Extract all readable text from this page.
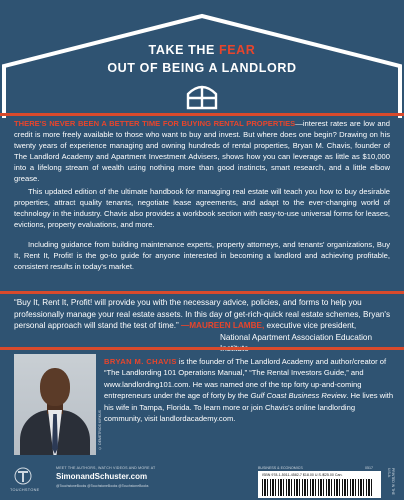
TAKE THE FEAR
OUT OF BEING A LANDLORD

THERE'S NEVER BEEN A BETTER TIME FOR BUYING RENTAL PROPERTIES—interest rates are low and credit is more freely available to those who want to buy and invest. But where does one begin? Drawing on his twenty years of experience managing and owning hundreds of rental properties, Bryan M. Chavis, founder of The Landlord Academy and Apartment Investment Advisers, shows how you can leverage as little as $10,000 into a lifelong stream of wealth using nothing more than good instincts, smart research, and a little elbow grease.

This updated edition of the ultimate handbook for managing real estate will teach you how to buy desirable properties, attract quality tenants, negotiate lease agreements, and adapt to the ever-changing world of technology in the industry. Chavis also provides a workbook section with easy-to-use universal forms for leases, evictions, property evaluations, and more.

Including guidance from building maintenance experts, property attorneys, and tenants' organizations, Buy It, Rent It, Profit! is the go-to guide for anyone interested in becoming a landlord and achieving profitable, consistent results in today's market.

“Buy It, Rent It, Profit! will provide you with the necessary advice, policies, and forms to help you professionally manage your real estate assets. In this day of get-rich-quick real estate schemes, Bryan's personal approach will stand the test of time.” —MAUREEN LAMBE, executive vice president,
National Apartment Association Education

© DEMETRIOS KIRKUS

BRYAN M. CHAVIS is the founder of The Landlord Academy and author/creator of “The Landlording 101 Operations Manual,” “The Rental Investors Guide,” and www.landlording101.com. He was named one of the top forty up-and-coming entrepreneurs under the age of forty by the Gulf Coast Business Review. He lives with his wife in Tampa, Florida. To learn more or join Chavis's online landlording community, visit landlordacademy.com.

TOUCHSTONE
MEET THE AUTHORS, WATCH VIDEOS AND MORE AT
SimonandSchuster.com
@TouchstoneBooks @TouchstoneBooks @TouchstoneBooks
BUSINESS & ECONOMICS	0517
ISBN 978-1-5011-4582-7 $18.00 U.S./$25.00 Can.	PRINTED IN THE U.S.A.
